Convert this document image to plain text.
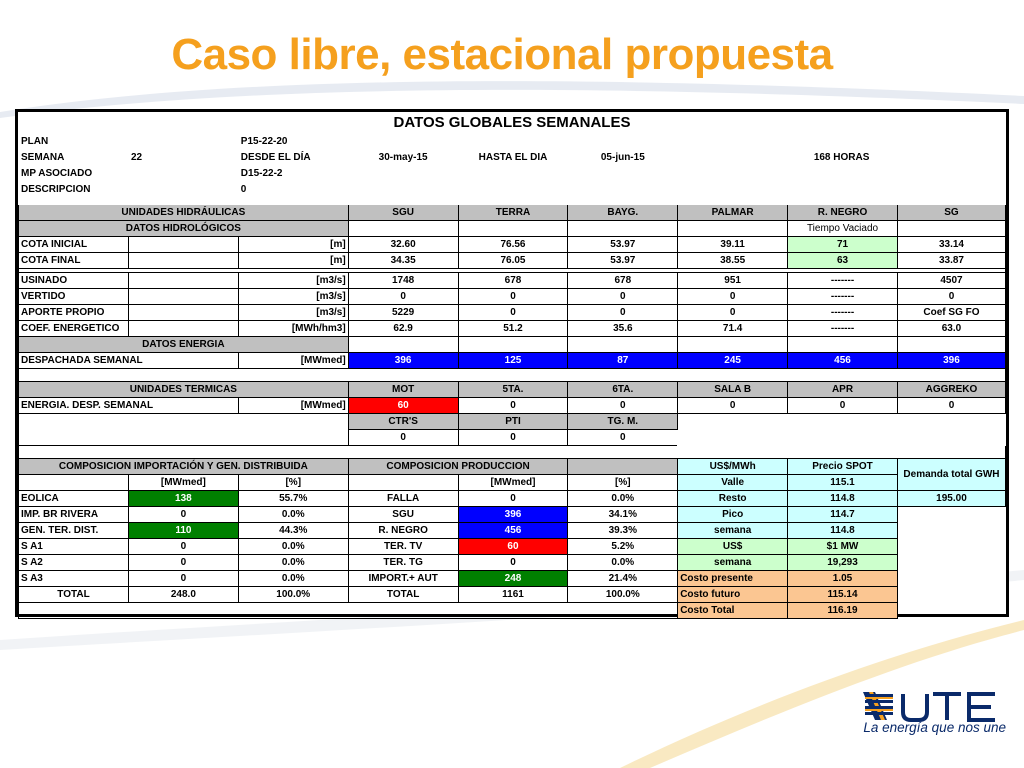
Caso libre, estacional propuesta
DATOS GLOBALES SEMANALES								
PLAN		P15-22-20						
SEMANA	22	DESDE EL DÍA	30-may-15	HASTA EL DIA	05-jun-15	168 HORAS		
MP ASOCIADO		D15-22-2						
DESCRIPCION		0						

UNIDADES HIDRÁULICAS			SGU	TERRA	BAYG.	PALMAR	R. NEGRO	SG
DATOS HIDROLÓGICOS							Tiempo Vaciado	
COTA INICIAL		[m]	32.60	76.56	53.97	39.11	71	33.14
COTA FINAL		[m]	34.35	76.05	53.97	38.55	63	33.87

USINADO		[m3/s]	1748	678	678	951	-------	4507
VERTIDO		[m3/s]	0	0	0	0	-------	0
APORTE PROPIO		[m3/s]	5229	0	0	0	-------	Coef SG FO
COEF. ENERGETICO		[MWh/hm3]	62.9	51.2	35.6	71.4	-------	63.0
DATOS ENERGIA								
DESPACHADA SEMANAL		[MWmed]	396	125	87	245	456	396

UNIDADES TERMICAS			MOT	5TA.	6TA.	SALA B	APR	AGGREKO
ENERGIA. DESP. SEMANAL		[MWmed]	60	0	0	0	0	0
			CTR'S	PTI	TG. M.			
			0	0	0			

COMPOSICION IMPORTACIÓN Y GEN. DISTRIBUIDA			COMPOSICION PRODUCCION			US$/MWh	Precio SPOT	Demanda total GWH
	[MWmed]	[%]		[MWmed]	[%]	Valle	115.1	
EOLICA	138	55.7%	FALLA	0	0.0%	Resto	114.8	195.00
IMP. BR RIVERA	0	0.0%	SGU	396	34.1%	Pico	114.7	
GEN. TER. DIST.	110	44.3%	R. NEGRO	456	39.3%	semana	114.8	
S A1	0	0.0%	TER. TV	60	5.2%	US$	$1 MW	
S A2	0	0.0%	TER. TG	0	0.0%	semana	19,293	
S A3	0	0.0%	IMPORT.+ AUT	248	21.4%	Costo presente	1.05	
TOTAL	248.0	100.0%	TOTAL	1161	100.0%	Costo futuro	115.14	
						Costo Total	116.19	
La energía que nos une
